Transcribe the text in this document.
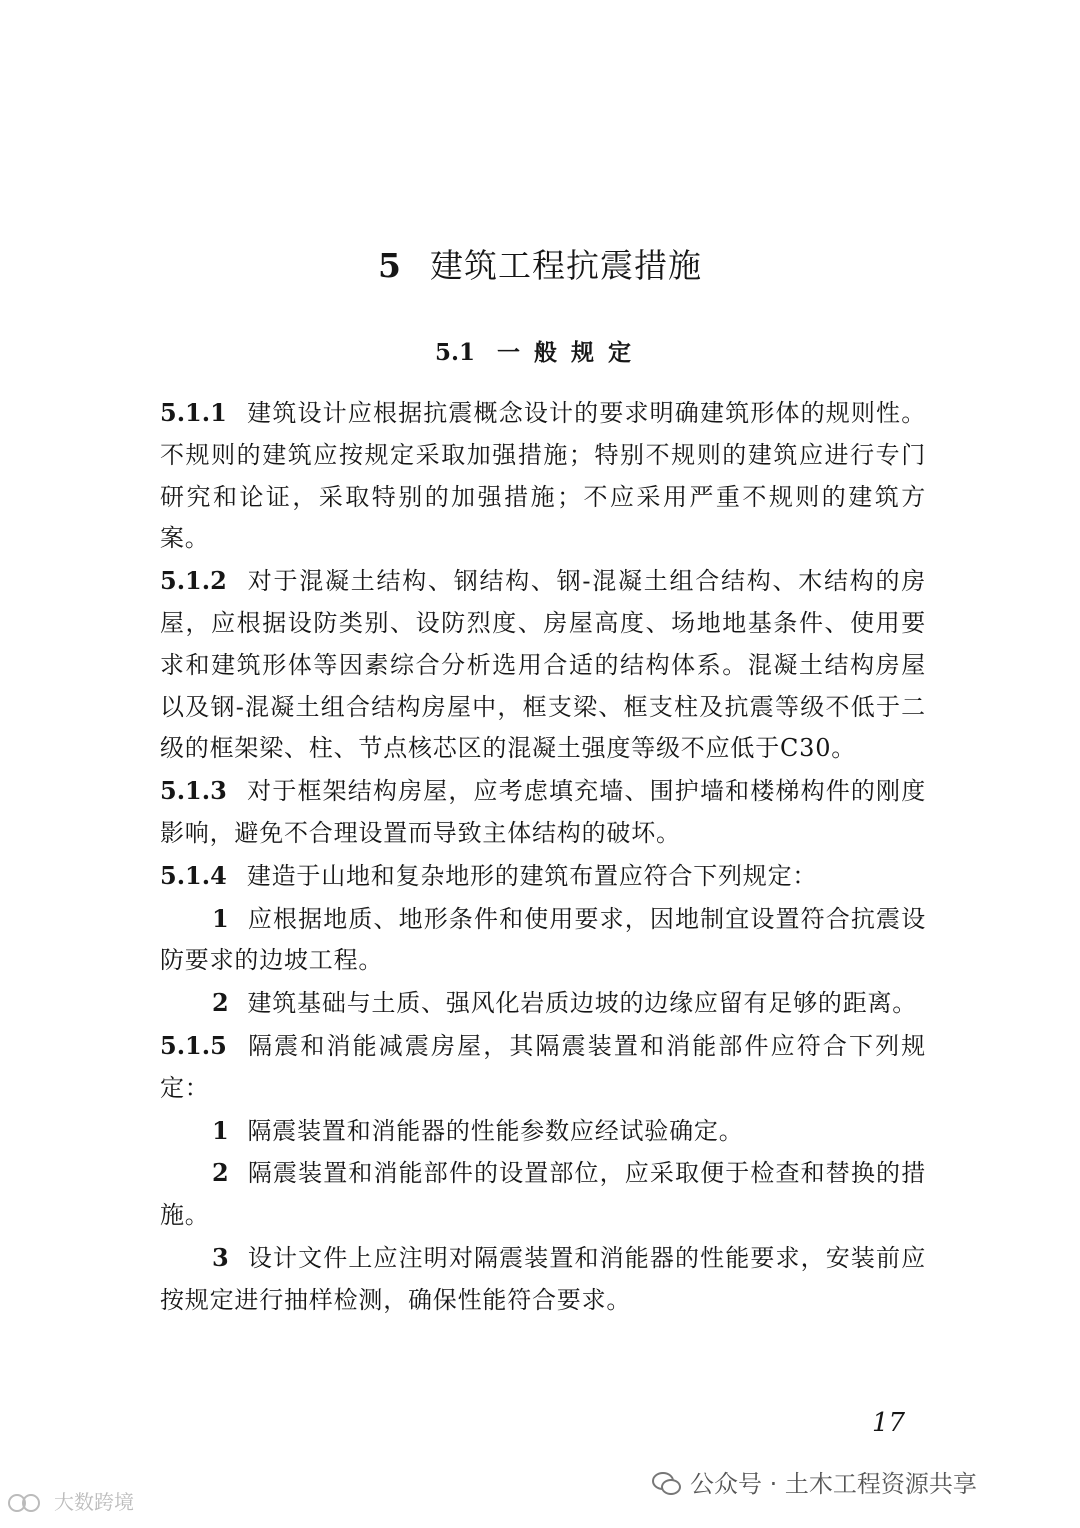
5 建筑工程抗震措施
5.1 一般规定

5.1.1 建筑设计应根据抗震概念设计的要求明确建筑形体的规则性。不规则的建筑应按规定采取加强措施；特别不规则的建筑应进行专门研究和论证，采取特别的加强措施；不应采用严重不规则的建筑方案。

5.1.2 对于混凝土结构、钢结构、钢-混凝土组合结构、木结构的房屋，应根据设防类别、设防烈度、房屋高度、场地地基条件、使用要求和建筑形体等因素综合分析选用合适的结构体系。混凝土结构房屋以及钢-混凝土组合结构房屋中，框支梁、框支柱及抗震等级不低于二级的框架梁、柱、节点核芯区的混凝土强度等级不应低于C30。

5.1.3 对于框架结构房屋，应考虑填充墙、围护墙和楼梯构件的刚度影响，避免不合理设置而导致主体结构的破坏。

5.1.4 建造于山地和复杂地形的建筑布置应符合下列规定：

1 应根据地质、地形条件和使用要求，因地制宜设置符合抗震设防要求的边坡工程。

2 建筑基础与土质、强风化岩质边坡的边缘应留有足够的距离。

5.1.5 隔震和消能减震房屋，其隔震装置和消能部件应符合下列规定：

1 隔震装置和消能器的性能参数应经试验确定。

2 隔震装置和消能部件的设置部位，应采取便于检查和替换的措施。

3 设计文件上应注明对隔震装置和消能器的性能要求，安装前应按规定进行抽样检测，确保性能符合要求。

17
公众号 · 土木工程资源共享
大数跨境
